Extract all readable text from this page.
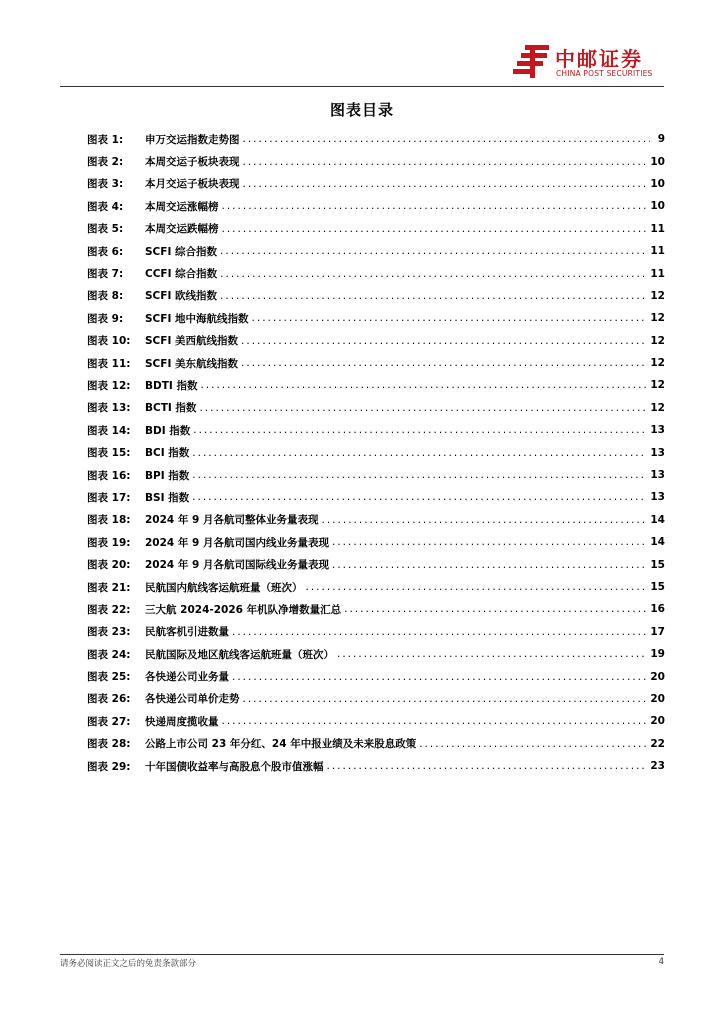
中邮证券
CHINA POST SECURITIES
图表目录
图表 1:	申万交运指数走势图 .....	9
图表 2:	本周交运子板块表现 .....	10
图表 3:	本月交运子板块表现 .....	10
图表 4:	本周交运涨幅榜 .....	10
图表 5:	本周交运跌幅榜 .....	11
图表 6:	SCFI 综合指数 .....	11
图表 7:	CCFI 综合指数 .....	11
图表 8:	SCFI 欧线指数 .....	12
图表 9:	SCFI 地中海航线指数 .....	12
图表 10:	SCFI 美西航线指数 .....	12
图表 11:	SCFI 美东航线指数 .....	12
图表 12:	BDTI 指数 .....	12
图表 13:	BCTI 指数 .....	12
图表 14:	BDI 指数 .....	13
图表 15:	BCI 指数 .....	13
图表 16:	BPI 指数 .....	13
图表 17:	BSI 指数 .....	13
图表 18:	2024 年 9 月各航司整体业务量表现 .....	14
图表 19:	2024 年 9 月各航司国内线业务量表现 .....	14
图表 20:	2024 年 9 月各航司国际线业务量表现 .....	15
图表 21:	民航国内航线客运航班量（班次） .....	15
图表 22:	三大航 2024-2026 年机队净增数量汇总 .....	16
图表 23:	民航客机引进数量 .....	17
图表 24:	民航国际及地区航线客运航班量（班次） .....	19
图表 25:	各快递公司业务量 .....	20
图表 26:	各快递公司单价走势 .....	20
图表 27:	快递周度揽收量 .....	20
图表 28:	公路上市公司 23 年分红、24 年中报业绩及未来股息政策 .....	22
图表 29:	十年国债收益率与高股息个股市值涨幅 .....	23
请务必阅读正文之后的免责条款部分	4
